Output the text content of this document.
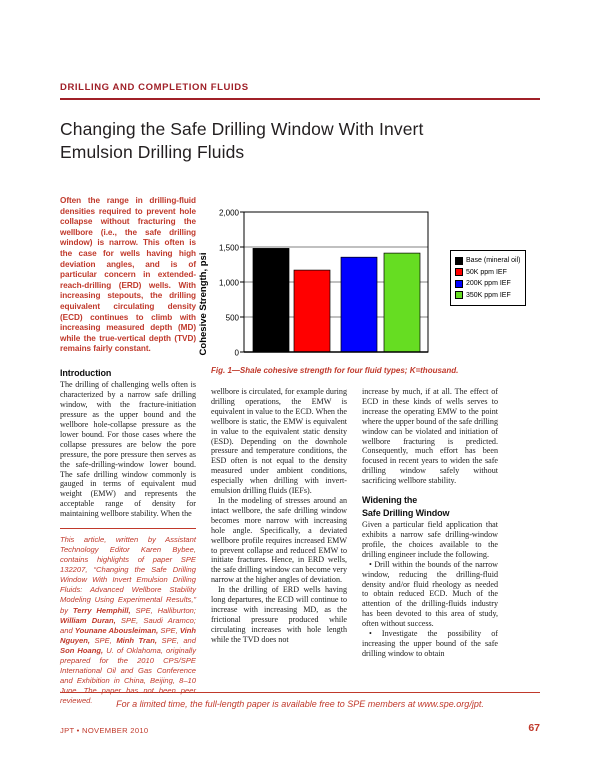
DRILLING AND COMPLETION FLUIDS
Changing the Safe Drilling Window With Invert Emulsion Drilling Fluids
Cohesive Strength, psi
2,000
1,500
1,000
500
0
Base (mineral oil)
50K ppm IEF
200K ppm IEF
350K ppm IEF
Fig. 1—Shale cohesive strength for four fluid types; K=thousand.
Often the range in drilling-fluid densities required to prevent hole collapse without fracturing the wellbore (i.e., the safe drilling window) is narrow. This often is the case for wells having high deviation angles, and is of particular concern in extended-reach-drilling (ERD) wells. With increasing stepouts, the drilling equivalent circulating density (ECD) continues to climb with increasing measured depth (MD) while the true-vertical depth (TVD) remains fairly constant.
Introduction

The drilling of challenging wells often is characterized by a narrow safe drilling window, with the fracture-initiation pressure as the upper bound and the wellbore hole-collapse pressure as the lower bound. For those cases where the collapse pressures are below the pore pressure, the pore pressure then serves as the safe-drilling-window lower bound. The safe drilling window commonly is gauged in terms of equivalent mud weight (EMW) and represents the acceptable range of density for maintaining wellbore stability. When the

This article, written by Assistant Technology Editor Karen Bybee, contains highlights of paper SPE 132207, “Changing the Safe Drilling Window With Invert Emulsion Drilling Fluids: Advanced Wellbore Stability Modeling Using Experimental Results,” by Terry Hemphill, SPE, Halliburton; William Duran, SPE, Saudi Aramco; and Younane Abousleiman, SPE, Vinh Nguyen, SPE, Minh Tran, SPE, and Son Hoang, U. of Oklahoma, originally prepared for the 2010 CPS/SPE International Oil and Gas Conference and Exhibition in China, Beijing, 8–10 June. The paper has not been peer reviewed.

wellbore is circulated, for example during drilling operations, the EMW is equivalent in value to the ECD. When the wellbore is static, the EMW is equivalent in value to the equivalent static density (ESD). Depending on the downhole pressure and temperature conditions, the ESD often is not equal to the density measured under ambient conditions, especially when drilling with invert-emulsion drilling fluids (IEFs).

In the modeling of stresses around an intact wellbore, the safe drilling window becomes more narrow with increasing hole angle. Specifically, a deviated wellbore profile requires increased EMW to prevent collapse and reduced EMW to initiate fractures. Hence, in ERD wells, the safe drilling window can become very narrow at the higher angles of deviation.

In the drilling of ERD wells having long departures, the ECD will continue to increase with increasing MD, as the frictional pressure produced while circulating increases with hole length while the TVD does not

increase by much, if at all. The effect of ECD in these kinds of wells serves to increase the operating EMW to the point where the upper bound of the safe drilling window can be violated and initiation of wellbore fracturing is predicted. Consequently, much effort has been focused in recent years to widen the safe drilling window safely without sacrificing wellbore stability.

Widening the
Safe Drilling Window

Given a particular field application that exhibits a narrow safe drilling-window profile, the choices available to the drilling engineer include the following.

• Drill within the bounds of the narrow window, reducing the drilling-fluid density and/or fluid rheology as needed to obtain reduced ECD. Much of the attention of the drilling-fluids industry has been devoted to this area of study, often without success.

• Investigate the possibility of increasing the upper bound of the safe drilling window to obtain

For a limited time, the full-length paper is available free to SPE members at www.spe.org/jpt.
JPT • NOVEMBER 2010	67
